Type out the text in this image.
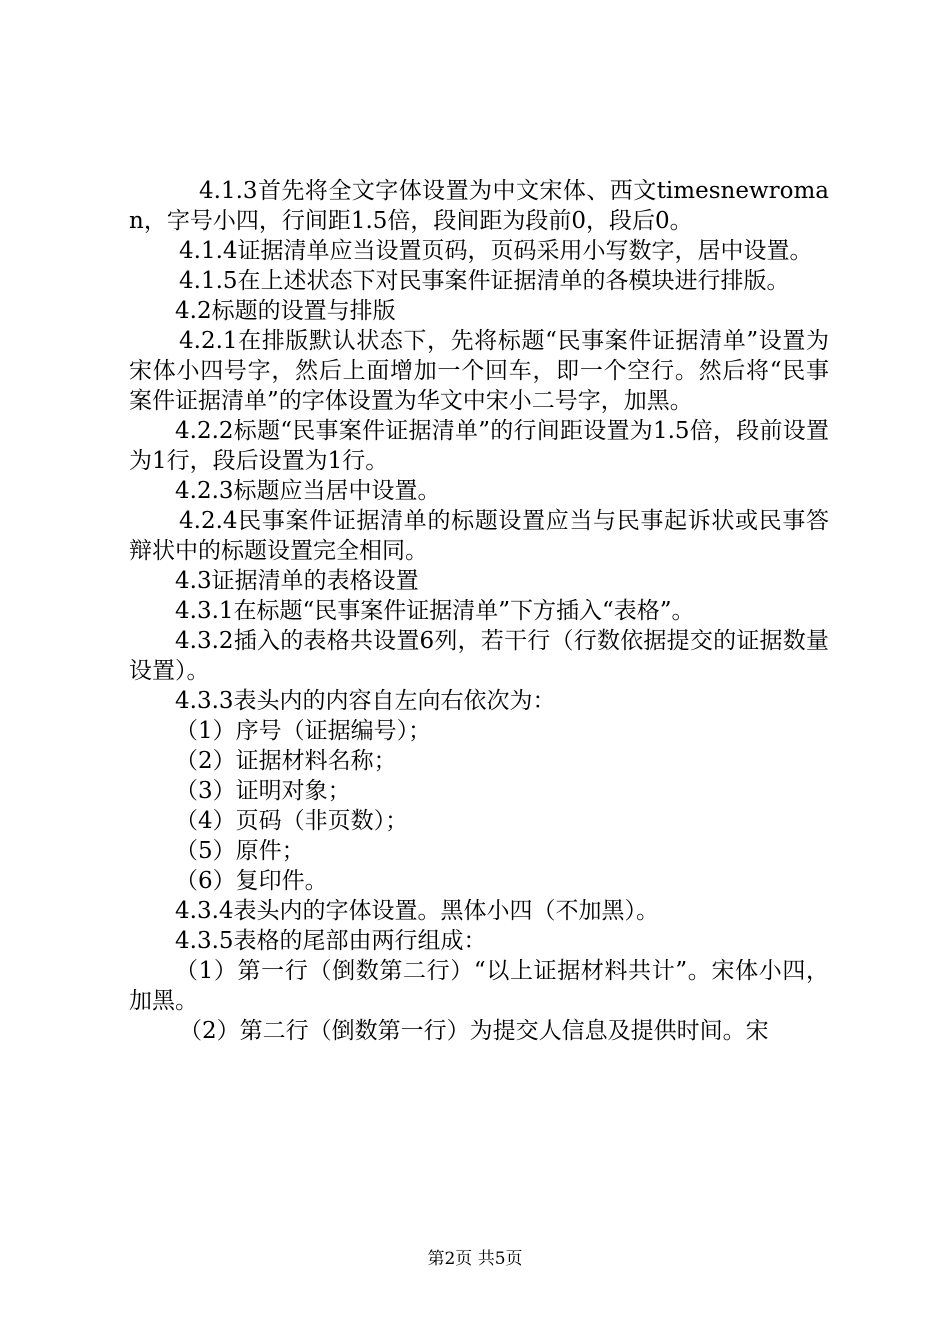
4.1.3首先将全文字体设置为中文宋体、西文timesnewroman，字号小四，行间距1.5倍，段间距为段前0，段后0。

4.1.4证据清单应当设置页码，页码采用小写数字，居中设置。

4.1.5在上述状态下对民事案件证据清单的各模块进行排版。

4.2标题的设置与排版

4.2.1在排版默认状态下，先将标题“民事案件证据清单”设置为宋体小四号字，然后上面增加一个回车，即一个空行。然后将“民事案件证据清单”的字体设置为华文中宋小二号字，加黑。

4.2.2标题“民事案件证据清单”的行间距设置为1.5倍，段前设置为1行，段后设置为1行。

4.2.3标题应当居中设置。

4.2.4民事案件证据清单的标题设置应当与民事起诉状或民事答辩状中的标题设置完全相同。

4.3证据清单的表格设置

4.3.1在标题“民事案件证据清单”下方插入“表格”。

4.3.2插入的表格共设置6列，若干行（行数依据提交的证据数量设置）。

4.3.3表头内的内容自左向右依次为：

（1）序号（证据编号）；

（2）证据材料名称；

（3）证明对象；

（4）页码（非页数）；

（5）原件；

（6）复印件。

4.3.4表头内的字体设置。黑体小四（不加黑）。

4.3.5表格的尾部由两行组成：

（1）第一行（倒数第二行）“以上证据材料共计”。宋体小四，加黑。

（2）第二行（倒数第一行）为提交人信息及提供时间。宋

第2页 共5页
